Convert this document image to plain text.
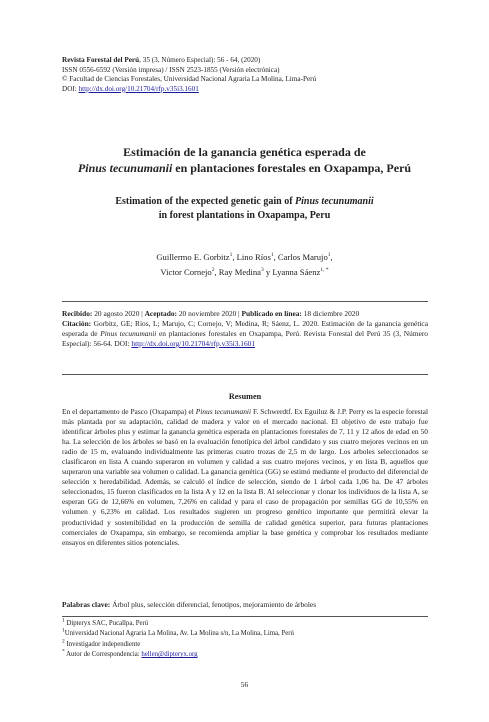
Revista Forestal del Perú, 35 (3, Número Especial): 56 - 64, (2020)
ISSN 0556-6592 (Versión impresa) / ISSN 2523-1855 (Versión electrónica)
© Facultad de Ciencias Forestales, Universidad Nacional Agraria La Molina, Lima-Perú
DOI: http://dx.doi.org/10.21704/rfp.v35i3.1601
Estimación de la ganancia genética esperada de
Pinus tecunumanii en plantaciones forestales en Oxapampa, Perú
Estimation of the expected genetic gain of Pinus tecunumanii
in forest plantations in Oxapampa, Peru
Guillermo E. Gorbitz$^1$, Lino Ríos$^1$, Carlos Marujo$^1$,
Victor Cornejo$^2$, Ray Medina$^3$ y Lyanna Sáenz$^{1, *}$
Recibido: 20 agosto 2020 | Aceptado: 20 noviembre 2020 | Publicado en línea: 18 diciembre 2020
Citación: Gorbitz, GE; Ríos, L; Marujo, C; Cornejo, V; Medina, R; Sáenz, L. 2020. Estimación de la ganancia genética esperada de Pinus tecunumanii en plantaciones forestales en Oxapampa, Perú. Revista Forestal del Perú 35 (3, Número Especial): 56-64. DOI: http://dx.doi.org/10.21704/rfp.v35i3.1601
Resumen
En el departamento de Pasco (Oxapampa) el Pinus tecunumanii F. Schwerdtf. Ex Eguiluz & J.P. Perry es la especie forestal más plantada por su adaptación, calidad de madera y valor en el mercado nacional. El objetivo de este trabajo fue identificar árboles plus y estimar la ganancia genética esperada en plantaciones forestales de 7, 11 y 12 años de edad en 50 ha. La selección de los árboles se basó en la evaluación fenotípica del árbol candidato y sus cuatro mejores vecinos en un radio de 15 m, evaluando individualmente las primeras cuatro trozas de 2,5 m de largo. Los arboles seleccionados se clasificaron en lista A cuando superaron en volumen y calidad a sus cuatro mejores vecinos, y en lista B, aquellos que superaron una variable sea volumen o calidad. La ganancia genética (GG) se estimó mediante el producto del diferencial de selección x heredabilidad. Además, se calculó el índice de selección, siendo de 1 árbol cada 1,06 ha. De 47 árboles seleccionados, 15 fueron clasificados en la lista A y 12 en la lista B. Al seleccionar y clonar los individuos de la lista A, se esperan GG de 12,66% en volumen, 7,26% en calidad y para el caso de propagación por semillas GG de 10,55% en volumen y 6,23% en calidad. Los resultados sugieren un progreso genético importante que permitirá elevar la productividad y sostenibilidad en la producción de semilla de calidad genética superior, para futuras plantaciones comerciales de Oxapampa, sin embargo, se recomienda ampliar la base genética y comprobar los resultados mediante ensayos en diferentes sitios potenciales.
Palabras clave: Árbol plus, selección diferencial, fenotipos, mejoramiento de árboles
$^1$ Dipteryx SAC, Pucallpa, Perú
$^1$Universidad Nacional Agraria La Molina, Av. La Molina s/n, La Molina, Lima, Perú
$^2$ Investigador independiente
* Autor de Correspondencia: hellen@dipteryx.org
56
